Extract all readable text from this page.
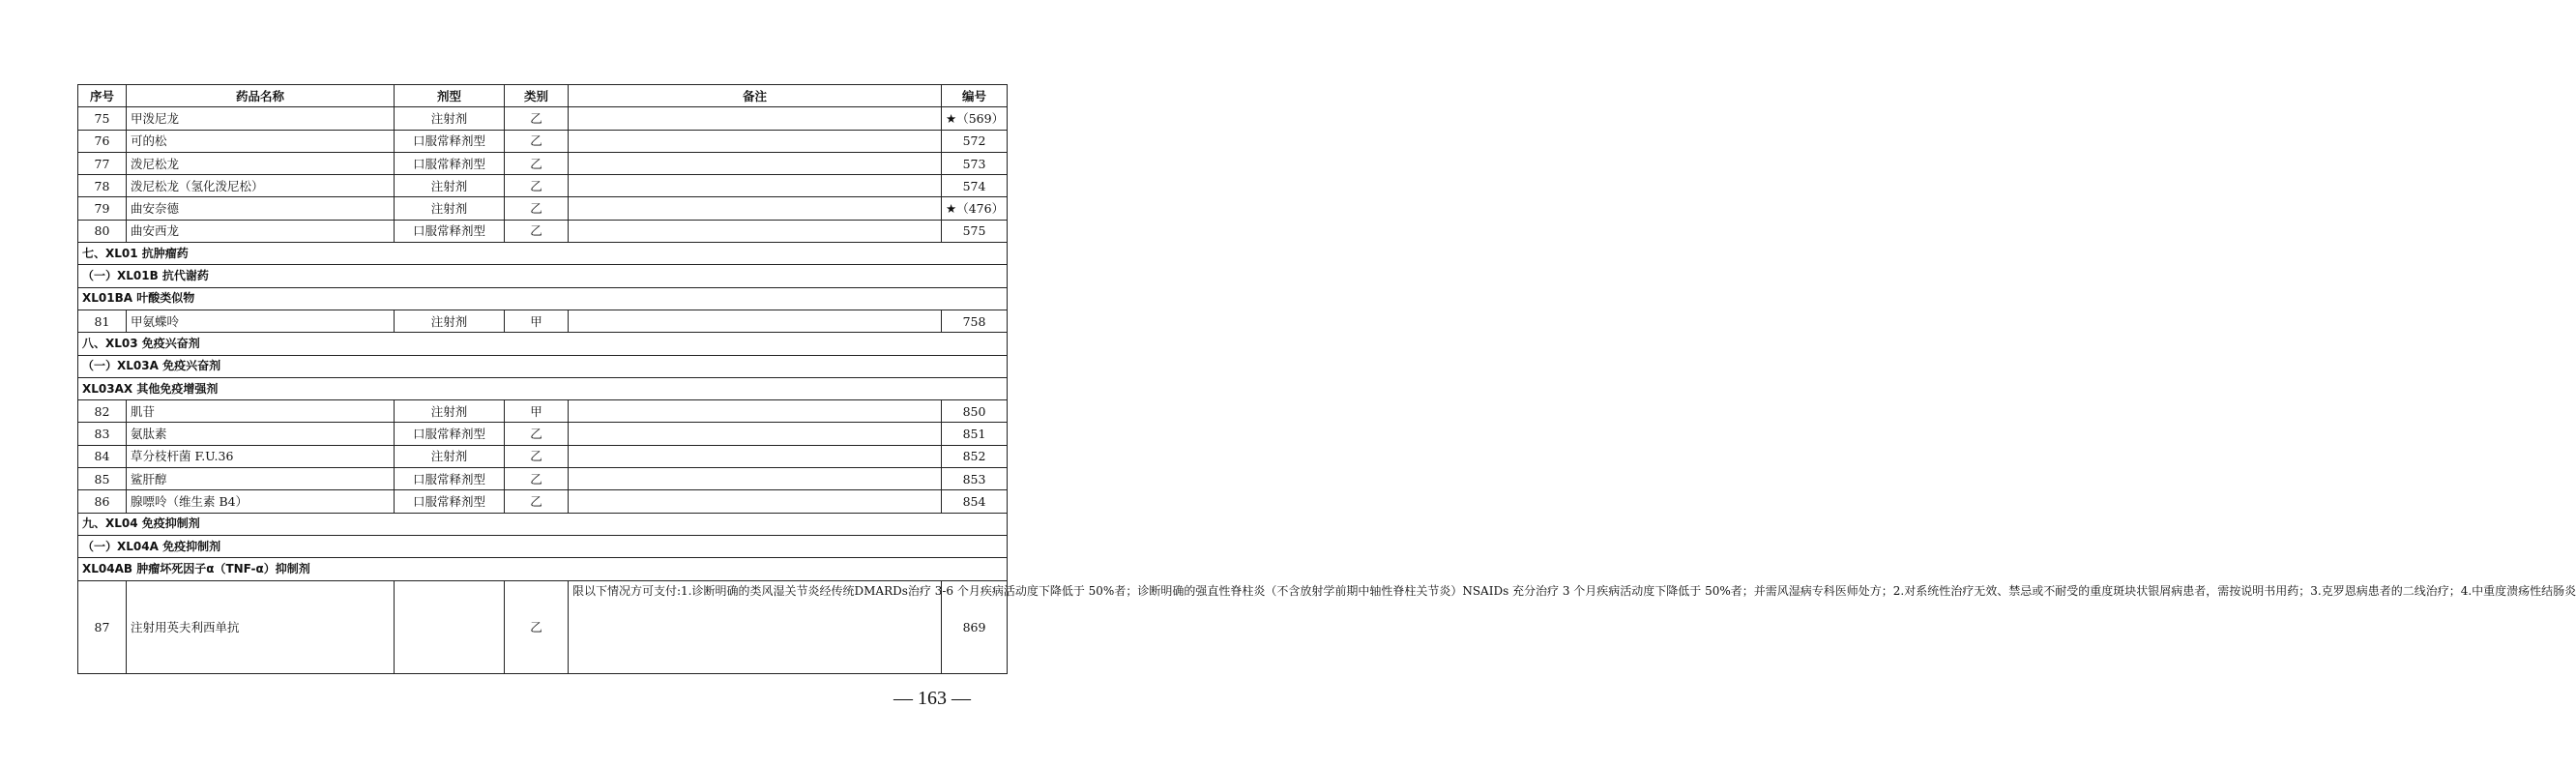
序号	药品名称	剂型	类别	备注	编号
75	甲泼尼龙	注射剂	乙		★（569）
76	可的松	口服常释剂型	乙		572
77	泼尼松龙	口服常释剂型	乙		573
78	泼尼松龙（氢化泼尼松）	注射剂	乙		574
79	曲安奈德	注射剂	乙		★（476）
80	曲安西龙	口服常释剂型	乙		575
七、XL01 抗肿瘤药					
（一）XL01B 抗代谢药					
XL01BA 叶酸类似物					
81	甲氨蝶呤	注射剂	甲		758
八、XL03 免疫兴奋剂					
（一）XL03A 免疫兴奋剂					
XL03AX 其他免疫增强剂					
82	肌苷	注射剂	甲		850
83	氨肽素	口服常释剂型	乙		851
84	草分枝杆菌 F.U.36	注射剂	乙		852
85	鲨肝醇	口服常释剂型	乙		853
86	腺嘌呤（维生素 B4）	口服常释剂型	乙		854
九、XL04 免疫抑制剂					
（一）XL04A 免疫抑制剂					
XL04AB 肿瘤坏死因子α（TNF-α）抑制剂					
87	注射用英夫利西单抗		乙	限以下情况方可支付:1.诊断明确的类风湿关节炎经传统DMARDs治疗 3-6 个月疾病活动度下降低于 50%者；诊断明确的强直性脊柱炎（不含放射学前期中轴性脊柱关节炎）NSAIDs 充分治疗 3 个月疾病活动度下降低于 50%者；并需风湿病专科医师处方；2.对系统性治疗无效、禁忌或不耐受的重度斑块状银屑病患者，需按说明书用药；3.克罗恩病患者的二线治疗；4.中重度溃疡性结肠炎	869
— 163 —
